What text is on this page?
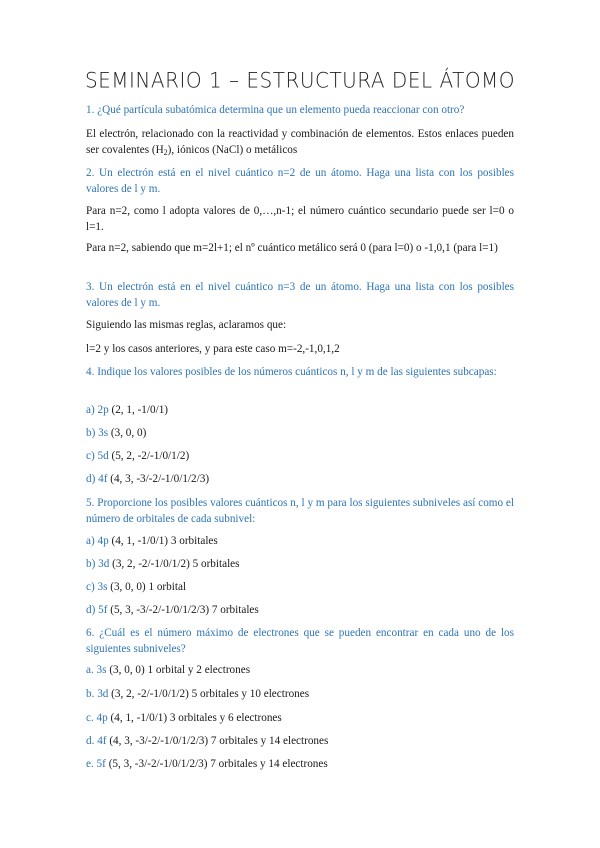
SEMINARIO 1 – ESTRUCTURA DEL ÁTOMO
1. ¿Qué partícula subatómica determina que un elemento pueda reaccionar con otro?
El electrón, relacionado con la reactividad y combinación de elementos. Estos enlaces pueden ser covalentes $(H_2)$, iónicos (NaCl) o metálicos
2. Un electrón está en el nivel cuántico n=2 de un átomo. Haga una lista con los posibles valores de l y m.
Para n=2, como l adopta valores de 0,…,n-1; el número cuántico secundario puede ser l=0 o l=1.
Para n=2, sabiendo que m=2l+1; el nº cuántico metálico será 0 (para l=0) o -1,0,1 (para l=1)
3. Un electrón está en el nivel cuántico n=3 de un átomo. Haga una lista con los posibles valores de l y m.
Siguiendo las mismas reglas, aclaramos que:
l=2 y los casos anteriores, y para este caso m=-2,-1,0,1,2
4. Indique los valores posibles de los números cuánticos n, l y m de las siguientes subcapas:
a) 2p (2, 1, -1/0/1)
b) 3s (3, 0, 0)
c) 5d (5, 2, -2/-1/0/1/2)
d) 4f (4, 3, -3/-2/-1/0/1/2/3)
5. Proporcione los posibles valores cuánticos n, l y m para los siguientes subniveles así como el número de orbitales de cada subnivel:
a) 4p (4, 1, -1/0/1) 3 orbitales
b) 3d (3, 2, -2/-1/0/1/2) 5 orbitales
c) 3s (3, 0, 0) 1 orbital
d) 5f (5, 3, -3/-2/-1/0/1/2/3) 7 orbitales
6. ¿Cuál es el número máximo de electrones que se pueden encontrar en cada uno de los siguientes subniveles?
a. 3s (3, 0, 0) 1 orbital y 2 electrones
b. 3d (3, 2, -2/-1/0/1/2) 5 orbitales y 10 electrones
c. 4p (4, 1, -1/0/1) 3 orbitales y 6 electrones
d. 4f (4, 3, -3/-2/-1/0/1/2/3) 7 orbitales y 14 electrones
e. 5f (5, 3, -3/-2/-1/0/1/2/3) 7 orbitales y 14 electrones
